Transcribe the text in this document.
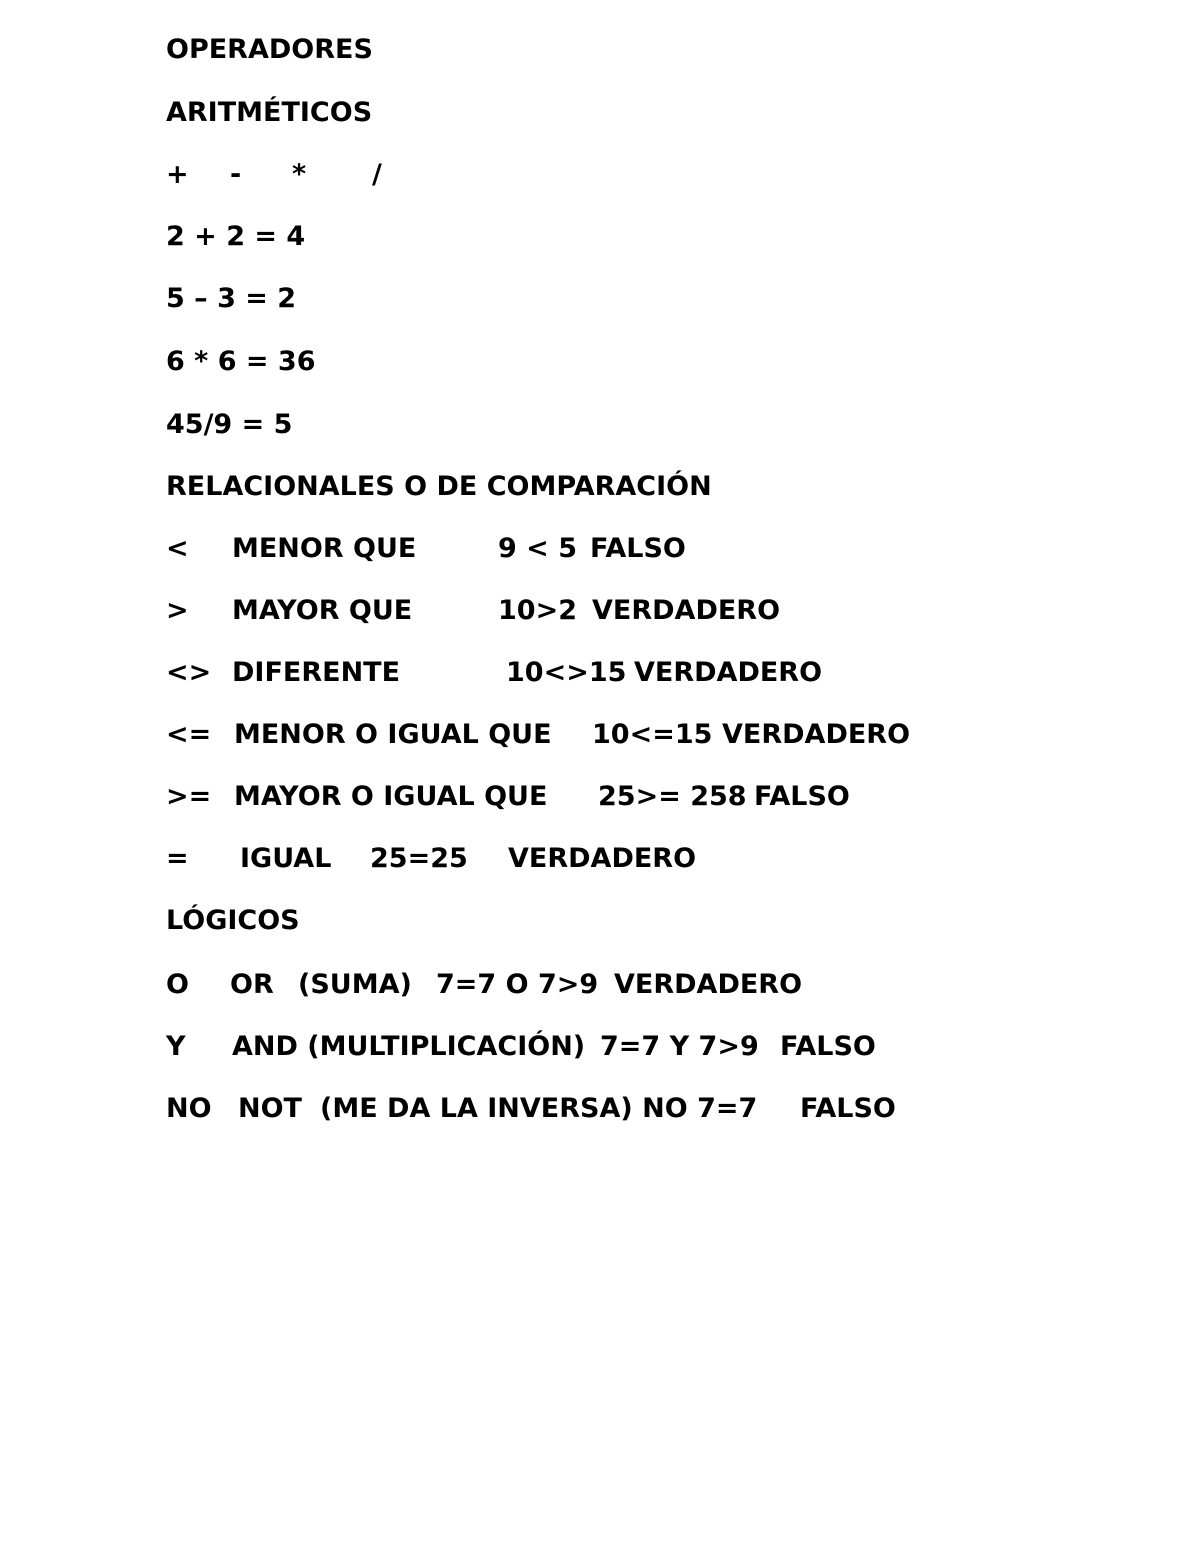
OPERADORES
ARITMÉTICOS
+ - * /
2 + 2 = 4
5 – 3 = 2
6 * 6 = 36
45/9 = 5
RELACIONALES O DE COMPARACIÓN
< MENOR QUE	9 < 5 FALSO
> MAYOR QUE	10>2 VERDADERO
<> DIFERENTE	10<>15 VERDADERO
<= MENOR O IGUAL QUE 10<=15 VERDADERO
>= MAYOR O IGUAL QUE 25>= 258 FALSO
= IGUAL 25=25 VERDADERO
LÓGICOS
O OR (SUMA) 7=7 O 7>9 VERDADERO
Y AND (MULTIPLICACIÓN) 7=7 Y 7>9 FALSO
NO NOT (ME DA LA INVERSA) NO 7=7 FALSO
